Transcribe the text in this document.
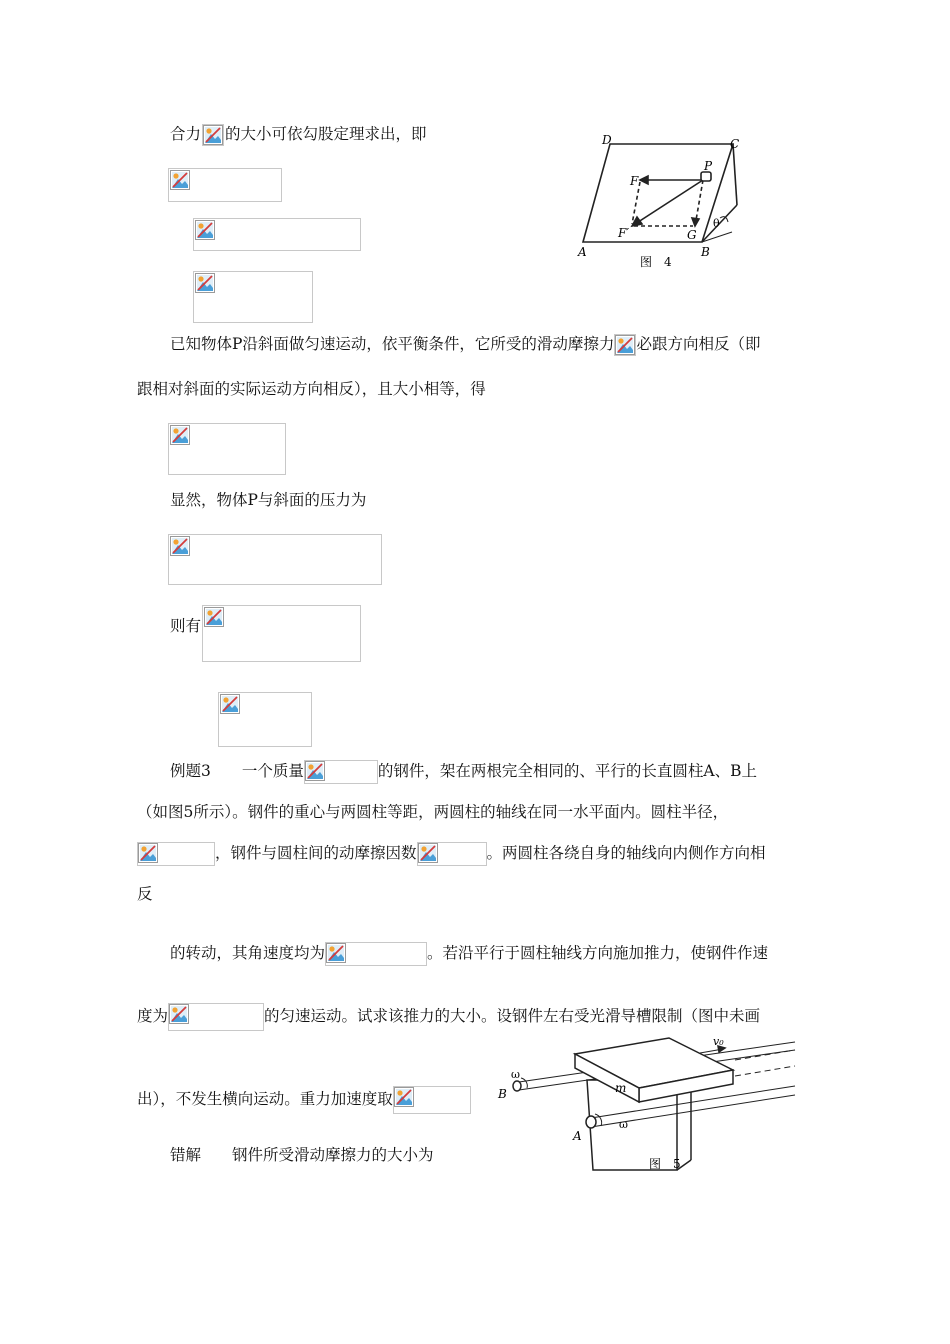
合力 的大小可依勾股定理求出，即	D	C
P
F
F′	G
θ
A	B
图　4
已知物体P沿斜面做匀速运动，依平衡条件，它所受的滑动摩擦力 必跟方向相反（即
跟相对斜面的实际运动方向相反），且大小相等，得
显然，物体P与斜面的压力为
则有
例题3　　一个质量	的钢件，架在两根完全相同的、平行的长直圆柱A、B上
（如图5所示）。钢件的重心与两圆柱等距，两圆柱的轴线在同一水平面内。圆柱半径，
，钢件与圆柱间的动摩擦因数	。两圆柱各绕自身的轴线向内侧作方向相
反
的转动，其角速度均为	。若沿平行于圆柱轴线方向施加推力，使钢件作速
度为	的匀速运动。试求该推力的大小。设钢件左右受光滑导槽限制（图中未画
v₀
ω
B	m
A
ω
图　5
出），不发生横向运动。重力加速度取
错解　　钢件所受滑动摩擦力的大小为
